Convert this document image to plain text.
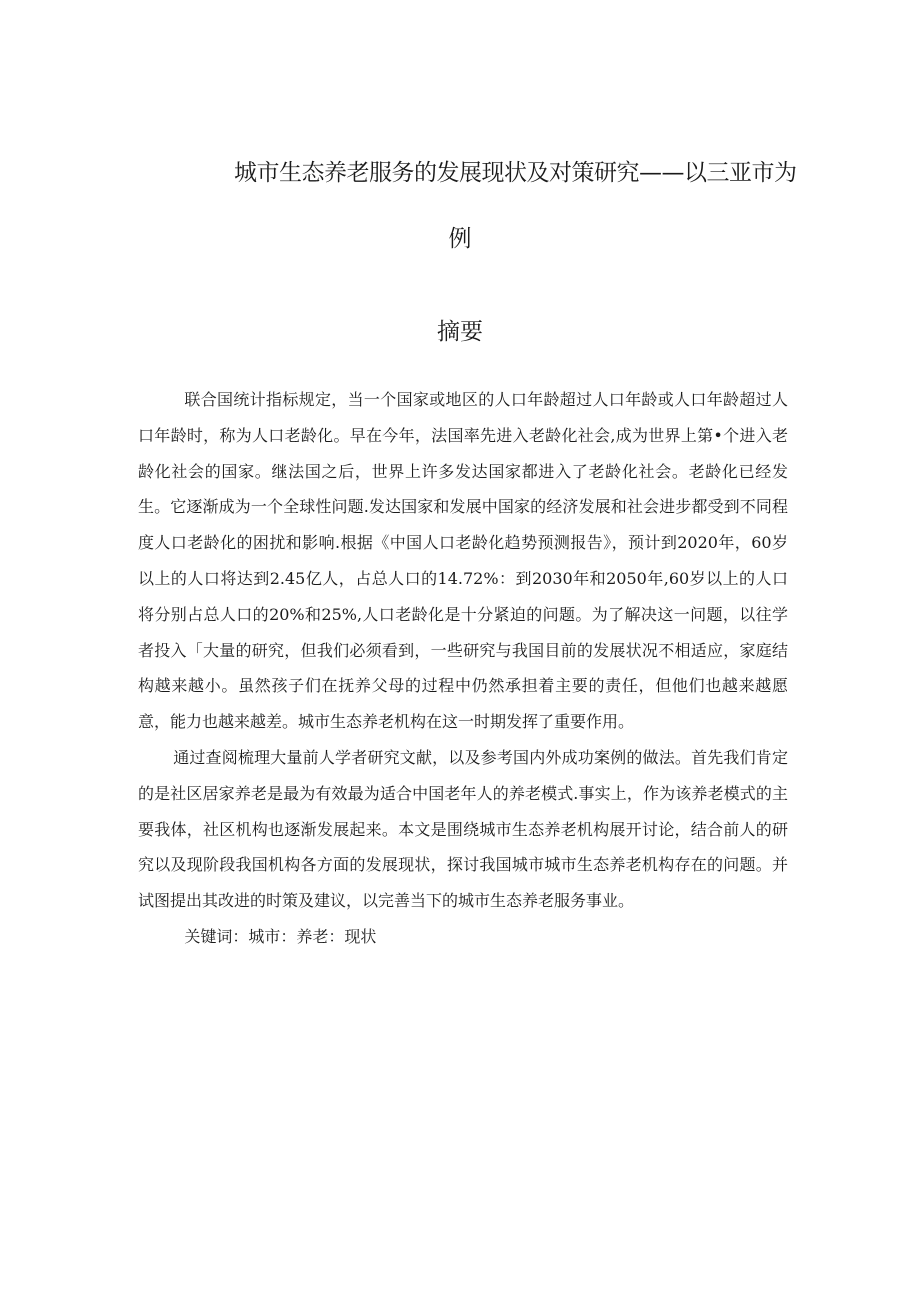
城市生态养老服务的发展现状及对策研究——以三亚市为
例
摘要

联合国统计指标规定，当一个国家或地区的人口年龄超过人口年龄或人口年龄超过人口年龄时，称为人口老龄化。早在今年，法国率先进入老龄化社会,成为世界上第•个进入老龄化社会的国家。继法国之后，世界上许多发达国家都进入了老龄化社会。老龄化已经发生。它逐渐成为一个全球性问题.发达国家和发展中国家的经济发展和社会进步都受到不同程度人口老龄化的困扰和影响.根据《中国人口老龄化趋势预测报告》，预计到2020年，60岁以上的人口将达到2.45亿人，占总人口的14.72%：到2030年和2050年,60岁以上的人口将分别占总人口的20%和25%,人口老龄化是十分紧迫的问题。为了解决这一问题，以往学者投入「大量的研究，但我们必须看到，一些研究与我国目前的发展状况不相适应，家庭结构越来越小。虽然孩子们在抚养父母的过程中仍然承担着主要的责任，但他们也越来越愿意，能力也越来越差。城市生态养老机构在这一时期发挥了重要作用。

通过查阅梳理大量前人学者研究文献，以及参考国内外成功案例的做法。首先我们肯定的是社区居家养老是最为有效最为适合中国老年人的养老模式.事实上，作为该养老模式的主要我体，社区机构也逐渐发展起来。本文是围绕城市生态养老机构展开讨论，结合前人的研究以及现阶段我国机构各方面的发展现状，探讨我国城市城市生态养老机构存在的问题。并试图提出其改进的时策及建议，以完善当下的城市生态养老服务事业。

关键词：城市：养老：现状
